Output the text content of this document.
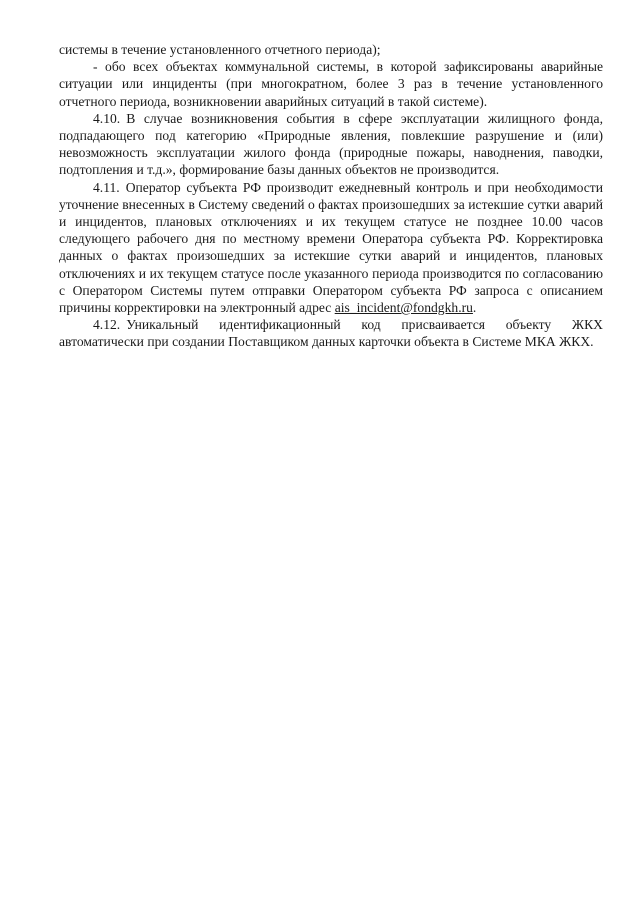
системы в течение установленного отчетного периода);

- обо всех объектах коммунальной системы, в которой зафиксированы аварийные ситуации или инциденты (при многократном, более 3 раз в течение установленного отчетного периода, возникновении аварийных ситуаций в такой системе).

4.10. В случае возникновения события в сфере эксплуатации жилищного фонда, подпадающего под категорию «Природные явления, повлекшие разрушение и (или) невозможность эксплуатации жилого фонда (природные пожары, наводнения, паводки, подтопления и т.д.», формирование базы данных объектов не производится.

4.11. Оператор субъекта РФ производит ежедневный контроль и при необходимости уточнение внесенных в Систему сведений о фактах произошедших за истекшие сутки аварий и инцидентов, плановых отключениях и их текущем статусе не позднее 10.00 часов следующего рабочего дня по местному времени Оператора субъекта РФ. Корректировка данных о фактах произошедших за истекшие сутки аварий и инцидентов, плановых отключениях и их текущем статусе после указанного периода производится по согласованию с Оператором Системы путем отправки Оператором субъекта РФ запроса с описанием причины корректировки на электронный адрес ais_incident@fondgkh.ru.

4.12. Уникальный идентификационный код присваивается объекту ЖКХ автоматически при создании Поставщиком данных карточки объекта в Системе МКА ЖКХ.
